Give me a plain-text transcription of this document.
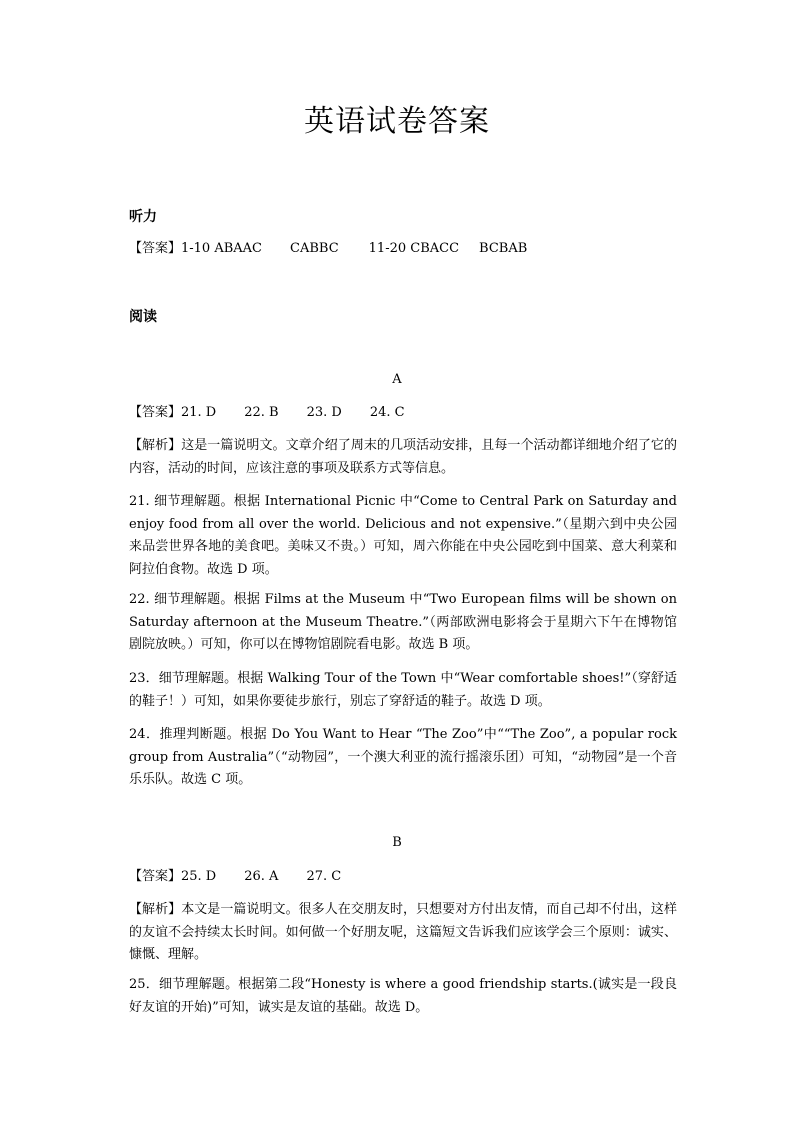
英语试卷答案
听力
【答案】1-10 ABAAC CABBC 11-20 CBACC BCBAB
阅读
A
【答案】21. D 22. B 23. D 24. C
【解析】这是一篇说明文。文章介绍了周末的几项活动安排，且每一个活动都详细地介绍了它的内容，活动的时间，应该注意的事项及联系方式等信息。
21. 细节理解题。根据 International Picnic 中“Come to Central Park on Saturday and enjoy food from all over the world. Delicious and not expensive.”（星期六到中央公园来品尝世界各地的美食吧。美味又不贵。）可知，周六你能在中央公园吃到中国菜、意大利菜和阿拉伯食物。故选 D 项。
22. 细节理解题。根据 Films at the Museum 中“Two European films will be shown on Saturday afternoon at the Museum Theatre.”（两部欧洲电影将会于星期六下午在博物馆剧院放映。）可知，你可以在博物馆剧院看电影。故选 B 项。
23．细节理解题。根据 Walking Tour of the Town 中“Wear comfortable shoes!”（穿舒适的鞋子！）可知，如果你要徒步旅行，别忘了穿舒适的鞋子。故选 D 项。
24．推理判断题。根据 Do You Want to Hear “The Zoo”中““The Zoo”, a popular rock group from Australia”（“动物园”，一个澳大利亚的流行摇滚乐团）可知，“动物园”是一个音乐乐队。故选 C 项。
B
【答案】25. D 26. A 27. C
【解析】本文是一篇说明文。很多人在交朋友时，只想要对方付出友情，而自己却不付出，这样的友谊不会持续太长时间。如何做一个好朋友呢，这篇短文告诉我们应该学会三个原则：诚实、慷慨、理解。
25．细节理解题。根据第二段“Honesty is where a good friendship starts.(诚实是一段良好友谊的开始)”可知，诚实是友谊的基础。故选 D。
